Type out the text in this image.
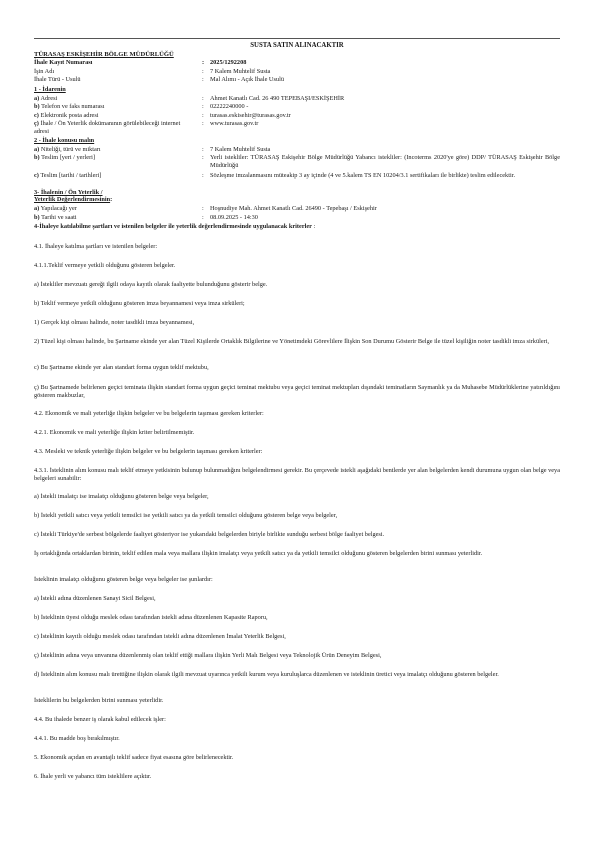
SUSTA SATIN ALINACAKTIR
TÜRASAŞ ESKİŞEHİR BÖLGE MÜDÜRLÜĞÜ
İhale Kayıt Numarası	: 2025/1292208
İşin Adı	: 7 Kalem Muhtelif Susta
İhale Türü - Usulü	: Mal Alımı - Açık İhale Usulü
1 - İdarenin
a) Adresi	: Ahmet Kanatlı Cad. 26 490 TEPEBAŞI/ESKİŞEHİR
b) Telefon ve faks numarası	: 02222240000 -
c) Elektronik posta adresi	: turasas.eskisehir@turasas.gov.tr
ç) İhale / Ön Yeterlik dokümanının görülebileceği internet adresi
: www.turasas.gov.tr
2 - İhale konusu malın
a) Niteliği, türü ve miktarı	: 7 Kalem Muhtelif Susta
b) Teslim [yeri / yerleri]	: Yerli istekliler: TÜRASAŞ Eskişehir Bölge Müdürlüğü Yabancı istekliler: (Incoterms 2020'ye göre) DDP/ TÜRASAŞ Eskişehir Bölge Müdürlüğü
c) Teslim [tarihi / tarihleri]	: Sözleşme imzalanmasını müteakip 3 ay içinde (4 ve 5.kalem TS EN 10204/3.1 sertifikaları ile birlikte) teslim edilecektir.
3- İhalenin / Ön Yeterlik /
Yeterlik Değerlendirmesinin:
a) Yapılacağı yer	: Hoşnudiye Mah. Ahmet Kanatlı Cad. 26490 - Tepebaşı / Eskişehir
b) Tarihi ve saati	: 08.09.2025 - 14:30
4-İhaleye katılabilme şartları ve istenilen belgeler ile yeterlik değerlendirmesinde uygulanacak kriterler :
4.1. İhaleye katılma şartları ve istenilen belgeler:
4.1.1.Teklif vermeye yetkili olduğunu gösteren belgeler.
a) İstekliler mevzuatı gereği ilgili odaya kayıtlı olarak faaliyette bulunduğunu gösterir belge.
b) Teklif vermeye yetkili olduğunu gösteren imza beyannamesi veya imza sirküleri;
1) Gerçek kişi olması halinde, noter tasdikli imza beyannamesi,
2) Tüzel kişi olması halinde, bu Şartname ekinde yer alan Tüzel Kişilerde Ortaklık Bilgilerine ve Yönetimdeki Görevlilere İlişkin Son Durumu Gösterir Belge ile tüzel kişiliğin noter tasdikli imza sirküleri,
c) Bu Şartname ekinde yer alan standart forma uygun teklif mektubu,
ç) Bu Şartnamede belirlenen geçici teminata ilişkin standart forma uygun geçici teminat mektubu veya geçici teminat mektupları dışındaki teminatların Saymanlık ya da Muhasebe Müdürlüklerine yatırıldığını gösteren makbuzlar,
4.2. Ekonomik ve mali yeterliğe ilişkin belgeler ve bu belgelerin taşıması gereken kriterler:
4.2.1. Ekonomik ve mali yeterliğe ilişkin kriter belirtilmemiştir.
4.3. Mesleki ve teknik yeterliğe ilişkin belgeler ve bu belgelerin taşıması gereken kriterler:
4.3.1. İsteklinin alım konusu malı teklif etmeye yetkisinin bulunup bulunmadığını belgelendirmesi gerekir. Bu çerçevede istekli aşağıdaki bentlerde yer alan belgelerden kendi durumuna uygun olan belge veya belgeleri sunabilir:
a) İstekli imalatçı ise imalatçı olduğunu gösteren belge veya belgeler,
b) İstekli yetkili satıcı veya yetkili temsilci ise yetkili satıcı ya da yetkili temsilci olduğunu gösteren belge veya belgeler,
c) İstekli Türkiye'de serbest bölgelerde faaliyet gösteriyor ise yukarıdaki belgelerden biriyle birlikte sunduğu serbest bölge faaliyet belgesi.
İş ortaklığında ortaklardan birinin, teklif edilen mala veya mallara ilişkin imalatçı veya yetkili satıcı ya da yetkili temsilci olduğunu gösteren belgelerden birini sunması yeterlidir.
İsteklinin imalatçı olduğunu gösteren belge veya belgeler ise şunlardır:
a) İstekli adına düzenlenen Sanayi Sicil Belgesi,
b) İsteklinin üyesi olduğu meslek odası tarafından istekli adına düzenlenen Kapasite Raporu,
c) İsteklinin kayıtlı olduğu meslek odası tarafından istekli adına düzenlenen İmalat Yeterlik Belgesi,
ç) İsteklinin adına veya unvanına düzenlenmiş olan teklif ettiği mallara ilişkin Yerli Malı Belgesi veya Teknolojik Ürün Deneyim Belgesi,
d) İsteklinin alım konusu malı ürettiğine ilişkin olarak ilgili mevzuat uyarınca yetkili kurum veya kuruluşlarca düzenlenen ve isteklinin üretici veya imalatçı olduğunu gösteren belgeler.
İsteklilerin bu belgelerden birini sunması yeterlidir.
4.4. Bu ihalede benzer iş olarak kabul edilecek işler:
4.4.1. Bu madde boş bırakılmıştır.
5. Ekonomik açıdan en avantajlı teklif sadece fiyat esasına göre belirlenecektir.
6. İhale yerli ve yabancı tüm isteklilere açıktır.
